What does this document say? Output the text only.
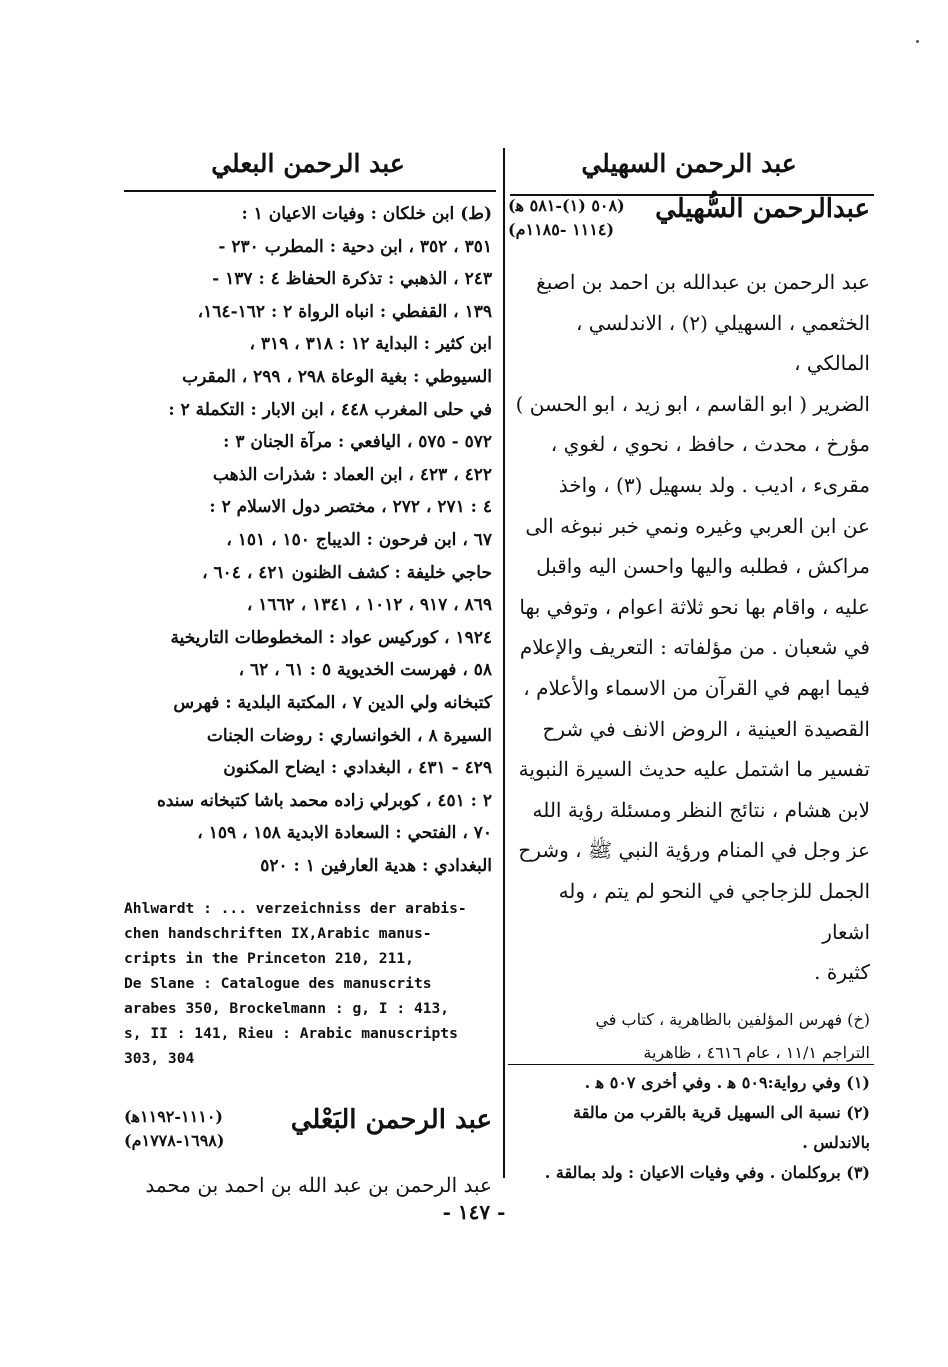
عبد الرحمن السهيلي
عبدالرحمن السُّهيلي
(٥٠٨ (١)-٥٨١ ﻫ)
(١١١٤ -١١٨٥م)
عبد الرحمن بن عبدالله بن احمد بن اصبغ
الخثعمي ، السهيلي (٢) ، الاندلسي ، المالكي ،
الضرير ( ابو القاسم ، ابو زيد ، ابو الحسن )
مؤرخ ، محدث ، حافظ ، نحوي ، لغوي ،
مقرىء ، اديب . ولد بسهيل (٣) ، واخذ
عن ابن العربي وغيره ونمي خبر نبوغه الى
مراكش ، فطلبه واليها واحسن اليه واقبل
عليه ، واقام بها نحو ثلاثة اعوام ، وتوفي بها
في شعبان . من مؤلفاته : التعريف والإعلام
فيما ابهم في القرآن من الاسماء والأعلام ،
القصيدة العينية ، الروض الانف في شرح
تفسير ما اشتمل عليه حديث السيرة النبوية
لابن هشام ، نتائج النظر ومسئلة رؤية الله
عز وجل في المنام ورؤية النبي ﷺ ، وشرح
الجمل للزجاجي في النحو لم يتم ، وله اشعار
كثيرة .
(خ) فهرس المؤلفين بالظاهرية ، كتاب في
التراجم ١١/١ ، عام ٤٦١٦ ، ظاهرية
(١) وفي رواية:٥٠٩ ﻫ . وفي أخرى ٥٠٧ ﻫ .
(٢) نسبة الى السهيل قرية بالقرب من مالقة
بالاندلس .
(٣) بروكلمان . وفي وفيات الاعيان : ولد بمالقة .
عبد الرحمن البعلي
(ط) ابن خلكان : وفيات الاعيان ١ :
٣٥١ ، ٣٥٢ ، ابن دحية : المطرب ٢٣٠ -
٢٤٣ ، الذهبي : تذكرة الحفاظ ٤ : ١٣٧ -
١٣٩ ، القفطي : انباه الرواة ٢ : ١٦٢-١٦٤،
ابن كثير : البداية ١٢ : ٣١٨ ، ٣١٩ ،
السيوطي : بغية الوعاة ٢٩٨ ، ٢٩٩ ، المقرب
في حلى المغرب ٤٤٨ ، ابن الابار : التكملة ٢ :
٥٧٢ - ٥٧٥ ، اليافعي : مرآة الجنان ٣ :
٤٢٢ ، ٤٢٣ ، ابن العماد : شذرات الذهب
٤ : ٢٧١ ، ٢٧٢ ، مختصر دول الاسلام ٢ :
٦٧ ، ابن فرحون : الديباج ١٥٠ ، ١٥١ ،
حاجي خليفة : كشف الظنون ٤٢١ ، ٦٠٤ ،
٨٦٩ ، ٩١٧ ، ١٠١٢ ، ١٣٤١ ، ١٦٦٢ ،
١٩٢٤ ، كوركيس عواد : المخطوطات التاريخية
٥٨ ، فهرست الخديوية ٥ : ٦١ ، ٦٢ ،
كتبخانه ولي الدين ٧ ، المكتبة البلدية : فهرس
السيرة ٨ ، الخوانساري : روضات الجنات
٤٢٩ - ٤٣١ ، البغدادي : ايضاح المكنون
٢ : ٤٥١ ، كوبرلي زاده محمد باشا كتبخانه سنده
٧٠ ، الفتحي : السعادة الابدية ١٥٨ ، ١٥٩ ،
البغدادي : هدية العارفين ١ : ٥٢٠
Ahlwardt : ... verzeichniss der arabis-
chen handschriften IX,Arabic manus-
cripts in the Princeton 210, 211,
De Slane : Catalogue des manuscrits
arabes 350, Brockelmann : g, I : 413,
s, II : 141, Rieu : Arabic manuscripts
303, 304
عبد الرحمن البَعْلي
(١١١٠-١١٩٢ﻫ)
(١٦٩٨-١٧٧٨م)
عبد الرحمن بن عبد الله بن احمد بن محمد
- ١٤٧ -
